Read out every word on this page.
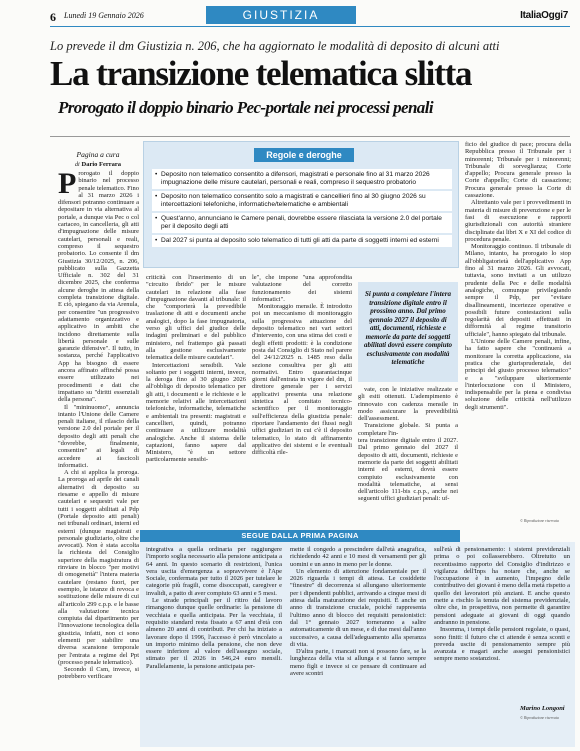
6 Lunedì 19 Gennaio 2026	GIUSTIZIA	ItaliaOggi7
Lo prevede il dm Giustizia n. 206, che ha aggiornato le modalità di deposito di alcuni atti
La transizione telematica slitta
Prorogato il doppio binario Pec-portale nei processi penali
Pagina a cura
di Dario Ferrara
P rorogato il doppio binario nel processo penale telematico. Fino al 31 marzo 2026 i difensori potranno continuare a depositare in via alternativa al portale, a dunque via Pec o col cartaceo, in cancelleria, gli atti d'impugnazione delle misure cautelari, personali e reali, compreso il sequestro probatorio. Lo consente il dm Giustizia 30/12/2025, n. 206, pubblicato sulla Gazzetta Ufficiale n. 302 del 31 dicembre 2025, che conferma alcune deroghe in attesa della completa transizione digitale. E ciò, spiegano da via Arenula, per consentire "un progressivo adattamento organizzativo e applicativo in ambiti che incidono direttamente sulla libertà personale e sulle garanzie difensive". Il tutto, in sostanza, perché l'applicativo App ha bisogno di essere ancora affinato affinché possa essere utilizzato nei procedimenti e dati che impattano su "diritti essenziali della persona".

Il "mininuomo", annuncia intanto l'Unione delle Camere penali italiane, il rilascio della versione 2.0 del portale per il deposito degli atti penali che "dovrebbe, finalmente, consentire" ai legali di accedere ai fascicoli informatici.

A chi si applica la proroga. La proroga ad aprile dei canali alternativi di deposito su riesame e appello di misure cautelari e sequestri vale per tutti i soggetti abilitati al Pdp (Portale deposito atti penali) nei tribunali ordinari, interni ed esterni (dunque magistrati e personale giudiziario, oltre che avvocati). Non è stata accolta la richiesta del Consiglio superiore della magistratura di rinviare in blocco "per motivi di omogeneità" l'intera materia cautelare (restano fuori, per esempio, le istanze di revoca e sostituzione delle misure di cui all'articolo 299 c.p.p. e le basse alla valutazione tecnica compiuta dal dipartimento per l'Innovazione tecnologica della giustizia, infatti, non ci sono elementi per stabilire una diversa scansione temporale per l'entrata a regime del Ppt (processo penale telematico).

Secondo il Csm, invece, si potrebbero verificare

Regole e deroghe
• Deposito non telematico consentito a difensori, magistrati e personale fino al 31 marzo 2026 impugnazione delle misure cautelari, personali e reali, compreso il sequestro probatorio
• Deposito non telematico consentito solo a magistrati e cancellieri fino al 30 giugno 2026 su intercettazioni telefoniche, informatiche/telematiche e ambientali
• Quest'anno, annunciano le Camere penali, dovrebbe essere rilasciata la versione 2.0 del portale per il deposito degli atti
• Dal 2027 si punta al deposito solo telematico di tutti gli atti da parte di soggetti interni ed esterni

criticità con l'inserimento di un "circuito ibrido" per le misure cautelari in relazione alla fase d'impugnazione davanti al tribunale: il che "comporterà la prevedibile traslazione di atti e documenti anche analogici, dopo la fase impugnatoria, verso gli uffici del giudice delle indagini preliminari e del pubblico ministero, nel frattempo già passati alla gestione esclusivamente telematica delle misure cautelari".

Intercettazioni sensibili. Vale soltanto per i soggetti interni, invece, la deroga fino al 30 giugno 2026 all'obbligo di deposito telematico per gli atti, i documenti e le richieste e le memorie relativi alle intercettazioni telefoniche, informatiche, telematiche e ambientali tra presenti: magistrati e cancellieri, quindi, potranno continuare a utilizzare modalità analogiche. Anche il sistema delle captazioni, fanno sapere dal Ministero, "è un settore particolarmente sensibi-

le", che impone "una approfondita valutazione del corretto funzionamento dei sistemi informatici".

Monitoraggio mensile. È introdotto poi un meccanismo di monitoraggio sulla progressiva attuazione del deposito telematico nei vari settori d'intervento, con una stima dei costi e degli effetti prodotti: è la condizione posta dal Consiglio di Stato nel parere del 24/12/2025 n. 1485 reso dalla sezione consultiva per gli atti normativi. Entro quarantacinque giorni dall'entrata in vigore del dm, il direttore generale per i servizi applicativi presenta una relazione sintetica al comitato tecnico-scientifico per il monitoraggio sull'efficienza della giustizia penale: riportare l'andamento dei flussi negli uffici giudiziari in cui c'è il deposito telematico, lo stato di affinamento applicativo dei sistemi e le eventuali difficoltà rile-

Si punta a completare l'intera transizione digitale entro il prossimo anno. Dal primo gennaio 2027 il deposito di atti, documenti, richieste e memorie da parte dei soggetti abilitati dovrà essere compiuto esclusivamente con modalità telematiche

vate, con le iniziative realizzate e gli esiti ottenuti. L'adempimento è rinnovato con cadenza mensile in modo assicurare la prevedibilità dell'assessment.

Transizione globale. Si punta a completare l'in-

tera transizione digitale entro il 2027. Dal primo gennaio del 2027 il deposito di atti, documenti, richieste e memorie da parte dei soggetti abilitati interni ed esterni, dovrà essere compiuto esclusivamente con modalità telematiche, ai sensi dell'articolo 111-bis c.p.p., anche nei seguenti uffici giudiziari penali: uf-

ficio del giudice di pace; procura della Repubblica presso il Tribunale per i minorenni; Tribunale per i minorenni; Tribunale di sorveglianza; Corte d'appello; Procura generale presso la Corte d'appello; Corte di cassazione; Procura generale presso la Corte di cassazione.

Altrettanto vale per i provvedimenti in materia di misure di prevenzione e per le fasi di esecuzione e rapporti giurisdizionali con autorità straniere disciplinate dai libri X e XI del codice di procedura penale.

Monitoraggio continuo. Il tribunale di Milano, intanto, ha prorogato lo stop all'obbligatorietà dell'applicativo App fino al 31 marzo 2026. Gli avvocati, tuttavia, sono invitati a un utilizzo prudente della Pec e delle modalità analogiche, comunque privilegiando sempre il Pdp, per "evitare disallineamenti, incertezze operative e possibili future contestazioni sulla regolarità dei depositi effettuati in difformità al regime transitorio ufficiale", hanno spiegato dal tribunale.

L'Unione delle Camere penali, infine, ha fatto sapere che "continuerà a monitorare la corretta applicazione, sia pratica che giurisprudenziale, dei principi del giusto processo telematico" e a "sviluppare ulteriormente l'interlocuzione con il Ministero, indispensabile per la piena e condivisa soluzione delle criticità nell'utilizzo degli strumenti".

© Riproduzione riservata
SEGUE DALLA PRIMA PAGINA

integrativa a quella ordinaria per raggiungere l'importo soglia necessario alla pensione anticipata a 64 anni. In questo scenario di restrizioni, l'unica vera uscita d'emergenza a sopravvivere è l'Ape Sociale, confermata per tutto il 2026 per tutelare le categorie più fragili, come disoccupati, caregiver e invalidi, a patto di aver compiuto 63 anni e 5 mesi.

Le strade principali per il ritiro dal lavoro rimangono dunque quelle ordinarie: la pensione di vecchiaia e quella anticipata. Per la vecchiaia, il requisito standard resta fissato a 67 anni d'età con almeno 20 anni di contributi. Per chi ha iniziato a lavorare dopo il 1996, l'accesso è però vincolato a un importo minimo della pensione, che non deve essere inferiore al valore dell'assegno sociale, stimato per il 2026 in 546,24 euro mensili. Parallelamente, la pensione anticipata per-

mette il congedo a prescindere dall'età anagrafica, richiedendo 42 anni e 10 mesi di versamenti per gli uomini e un anno in meno per le donne.

Un elemento di attenzione fondamentale per il 2026 riguarda i tempi di attesa. Le cosiddette "finestre" di decorrenza si allungano ulteriormente per i dipendenti pubblici, arrivando a cinque mesi di attesa dalla maturazione dei requisiti. È anche un anno di transizione cruciale, poiché rappresenta l'ultimo anno di blocco dei requisiti pensionistici: dal 1° gennaio 2027 torneranno a salire automaticamente di un mese, e di due mesi dall'anno successivo, a causa dell'adeguamento alla speranza di vita.

D'altra parte, i mancati non si possono fare, se la lunghezza della vita si allunga e si fanno sempre meno figli e invece si ce pensare di continuare ad avere scontri

sull'età di pensionamento: i sistemi previdenziali prima o poi collasserebbero. Oltretutto un recentissimo rapporto del Consiglio d'indirizzo e vigilanza dell'Inps ha notare che, anche se l'occupazione è in aumento, l'impegno delle contributivo dei giovani è meno della metà rispetto a quello dei lavoratori più anziani. E anche questo mette a rischio la tenuta del sistema previdenziale, oltre che, in prospettiva, non permette di garantire pensioni adeguate ai giovani di oggi quando andranno in pensione.

Insomma, i tempi delle pensioni regolate, o quasi, sono finiti: il futuro che ci attende è senza sconti e preveda uscite di pensionamento sempre più avanzata e magari anche assegni pensionistici sempre meno sostanziosi.

Marino Longoni
© Riproduzione riservata
